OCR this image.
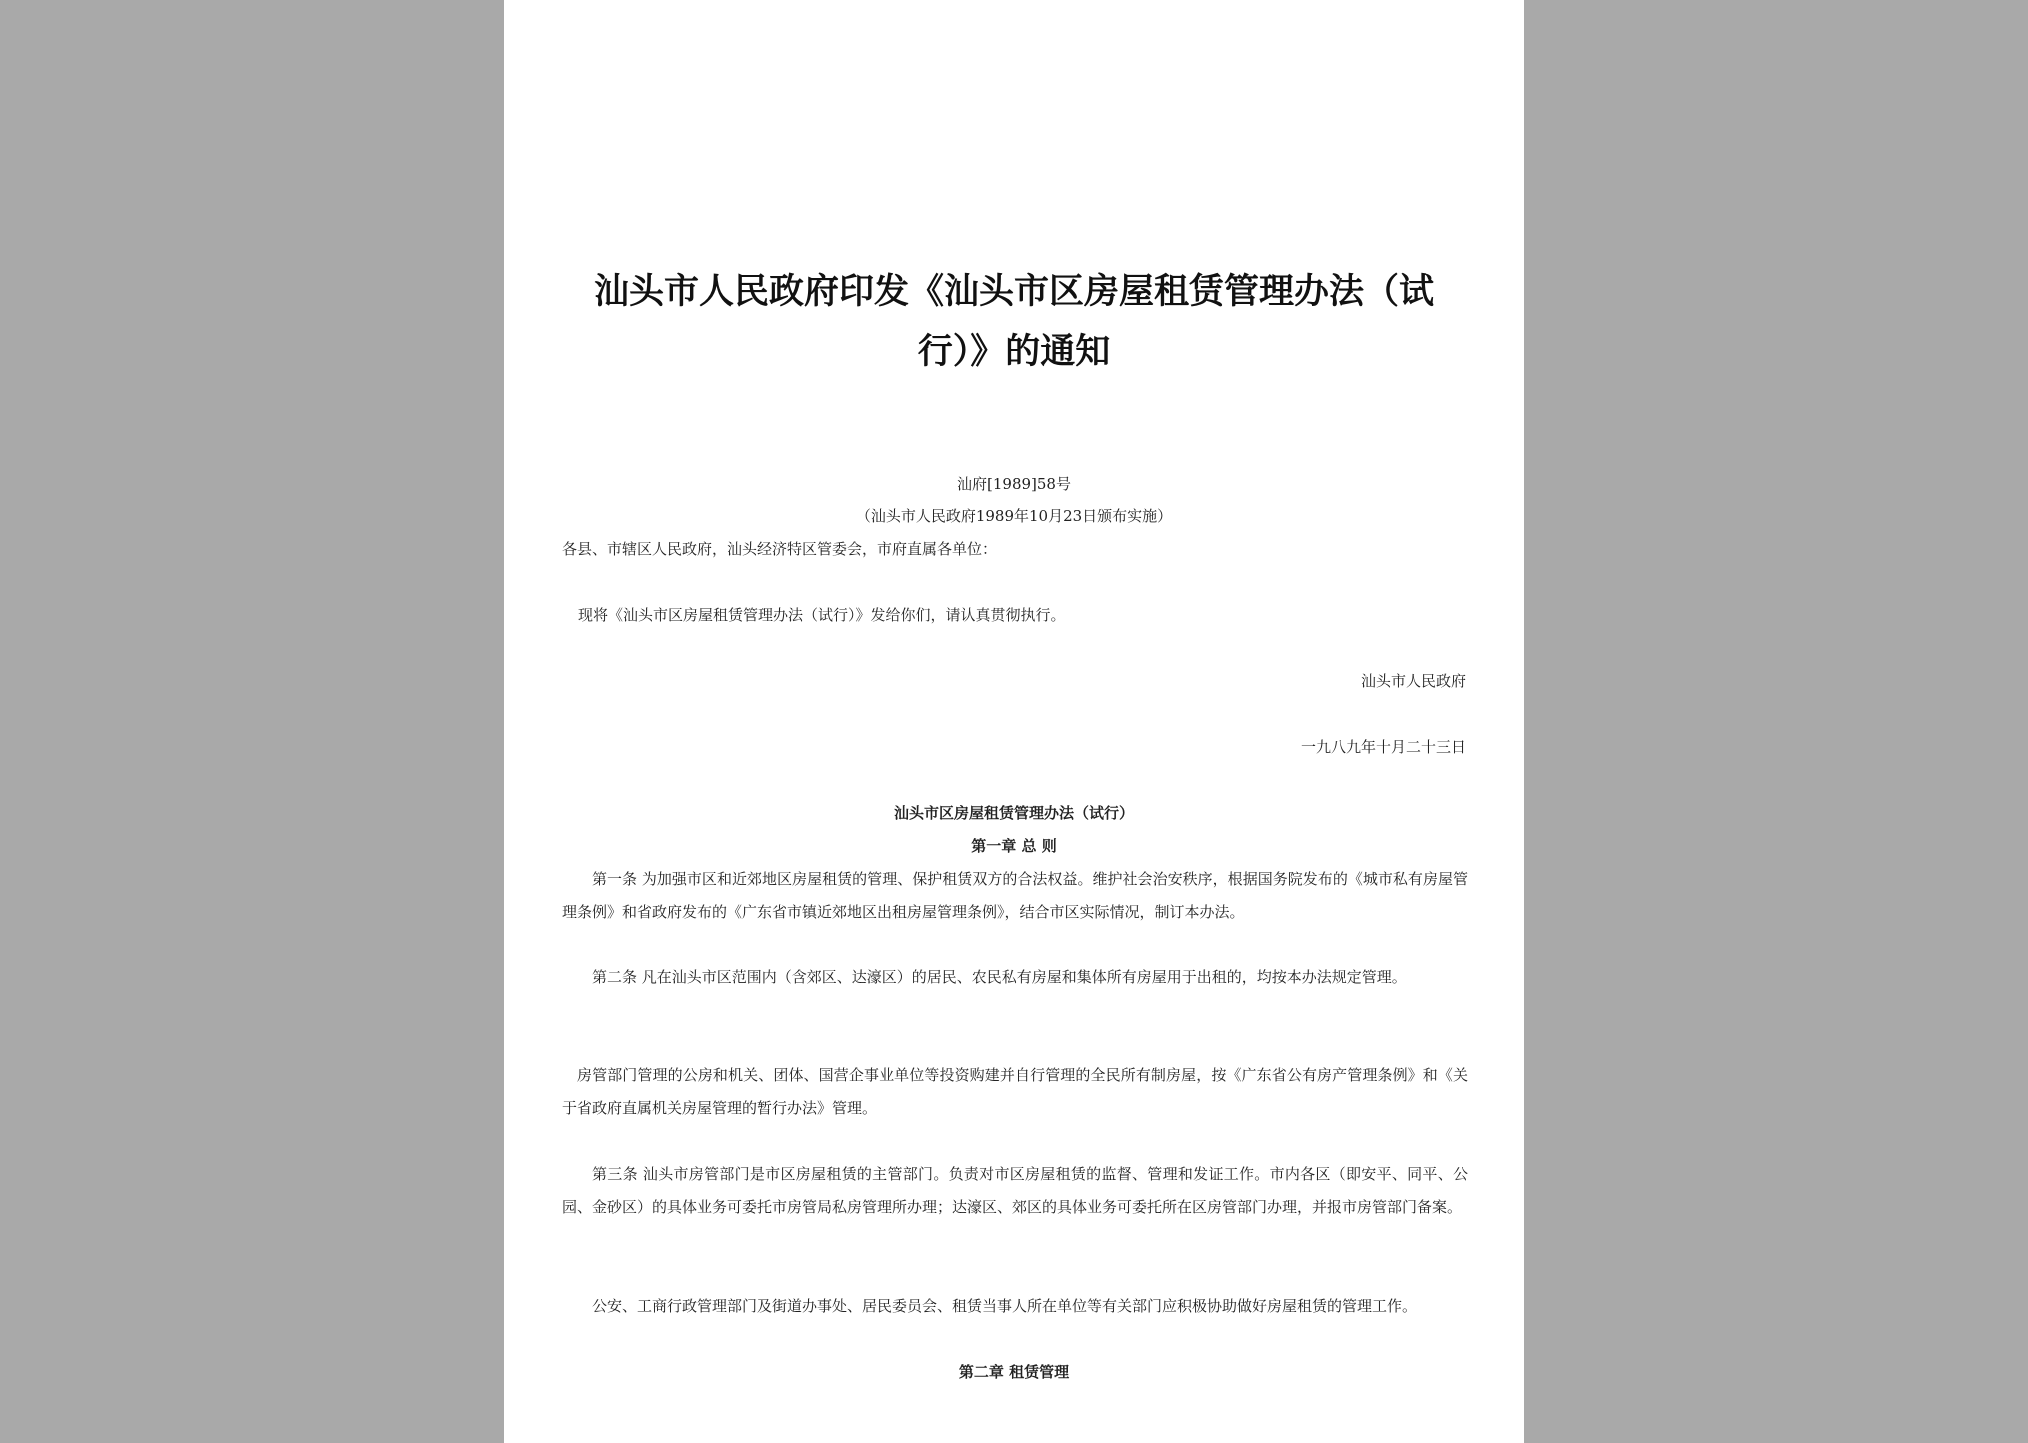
汕头市人民政府印发《汕头市区房屋租赁管理办法（试
行）》的通知
汕府[1989]58号
（汕头市人民政府1989年10月23日颁布实施）
各县、市辖区人民政府，汕头经济特区管委会，市府直属各单位：
现将《汕头市区房屋租赁管理办法（试行）》发给你们，请认真贯彻执行。
汕头市人民政府
一九八九年十月二十三日
汕头市区房屋租赁管理办法（试行）
第一章 总 则
第一条 为加强市区和近郊地区房屋租赁的管理、保护租赁双方的合法权益。维护社会治安秩序，根据国务院发布的《城市私有房屋管理条例》和省政府发布的《广东省市镇近郊地区出租房屋管理条例》，结合市区实际情况，制订本办法。
第二条 凡在汕头市区范围内（含郊区、达濠区）的居民、农民私有房屋和集体所有房屋用于出租的，均按本办法规定管理。
房管部门管理的公房和机关、团体、国营企事业单位等投资购建并自行管理的全民所有制房屋，按《广东省公有房产管理条例》和《关于省政府直属机关房屋管理的暂行办法》管理。
第三条 汕头市房管部门是市区房屋租赁的主管部门。负责对市区房屋租赁的监督、管理和发证工作。市内各区（即安平、同平、公园、金砂区）的具体业务可委托市房管局私房管理所办理；达濠区、郊区的具体业务可委托所在区房管部门办理，并报市房管部门备案。
公安、工商行政管理部门及街道办事处、居民委员会、租赁当事人所在单位等有关部门应积极协助做好房屋租赁的管理工作。
第二章 租赁管理
